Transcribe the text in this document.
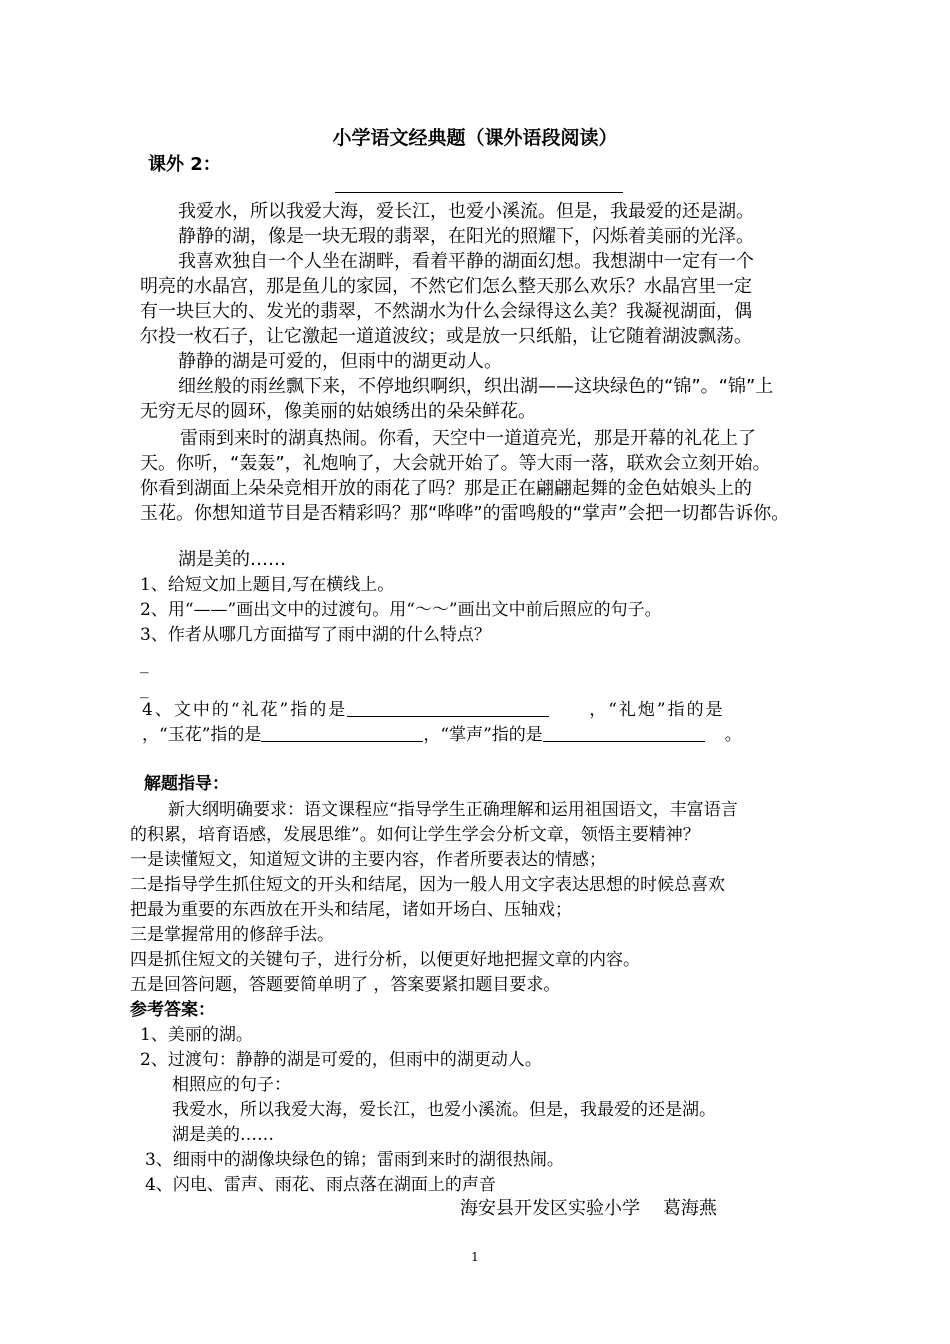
小学语文经典题（课外语段阅读）
课外 2：
我爱水，所以我爱大海，爱长江，也爱小溪流。但是，我最爱的还是湖。
静静的湖，像是一块无瑕的翡翠，在阳光的照耀下，闪烁着美丽的光泽。
我喜欢独自一个人坐在湖畔，看着平静的湖面幻想。我想湖中一定有一个
明亮的水晶宫，那是鱼儿的家园，不然它们怎么整天那么欢乐？水晶宫里一定
有一块巨大的、发光的翡翠，不然湖水为什么会绿得这么美？我凝视湖面，偶
尔投一枚石子，让它激起一道道波纹；或是放一只纸船，让它随着湖波飘荡。
静静的湖是可爱的，但雨中的湖更动人。
细丝般的雨丝飘下来，不停地织啊织，织出湖——这块绿色的“锦”。“锦”上
无穷无尽的圆环，像美丽的姑娘绣出的朵朵鲜花。
雷雨到来时的湖真热闹。你看，天空中一道道亮光，那是开幕的礼花上了
天。你听，“轰轰”，礼炮响了，大会就开始了。等大雨一落，联欢会立刻开始。
你看到湖面上朵朵竞相开放的雨花了吗？那是正在翩翩起舞的金色姑娘头上的
玉花。你想知道节目是否精彩吗？那“哗哗”的雷鸣般的“掌声”会把一切都告诉你。
湖是美的……
1、给短文加上题目,写在横线上。
2、用“——”画出文中的过渡句。用“～～”画出文中前后照应的句子。
3、作者从哪几方面描写了雨中湖的什么特点？
_
_
4、文中的“礼花”指的是	，“礼炮”指的是
，“玉花”指的是	，“掌声”指的是	。
解题指导：
新大纲明确要求：语文课程应“指导学生正确理解和运用祖国语文，丰富语言
的积累，培育语感，发展思维”。如何让学生学会分析文章，领悟主要精神？
一是读懂短文，知道短文讲的主要内容，作者所要表达的情感；
二是指导学生抓住短文的开头和结尾，因为一般人用文字表达思想的时候总喜欢
把最为重要的东西放在开头和结尾，诸如开场白、压轴戏；
三是掌握常用的修辞手法。
四是抓住短文的关键句子，进行分析，以便更好地把握文章的内容。
五是回答问题，答题要简单明了 ，答案要紧扣题目要求。
参考答案：
1、美丽的湖。
2、过渡句：静静的湖是可爱的，但雨中的湖更动人。
相照应的句子：
我爱水，所以我爱大海，爱长江，也爱小溪流。但是，我最爱的还是湖。
湖是美的……
3、细雨中的湖像块绿色的锦；雷雨到来时的湖很热闹。
4、闪电、雷声、雨花、雨点落在湖面上的声音
海安县开发区实验小学    葛海燕
1
